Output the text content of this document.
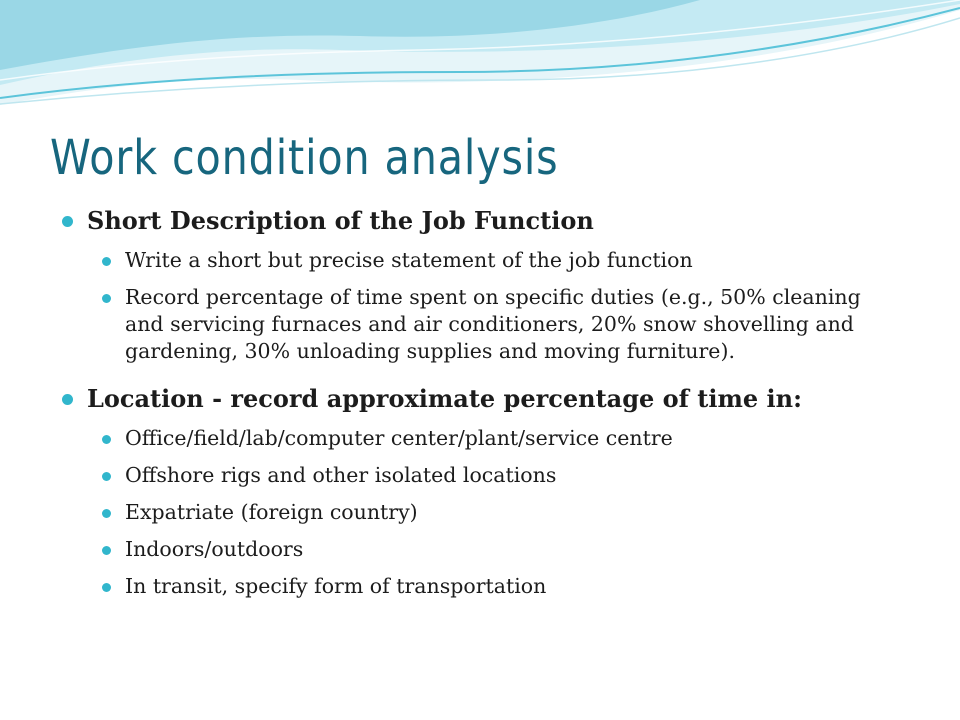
Work condition analysis
Short Description of the Job Function
Write a short but precise statement of the job function
Record percentage of time spent on specific duties (e.g., 50% cleaning and servicing furnaces and air conditioners, 20% snow shovelling and gardening, 30% unloading supplies and moving furniture).
Location - record approximate percentage of time in:
Office/field/lab/computer center/plant/service centre
Offshore rigs and other isolated locations
Expatriate (foreign country)
Indoors/outdoors
In transit, specify form of transportation
